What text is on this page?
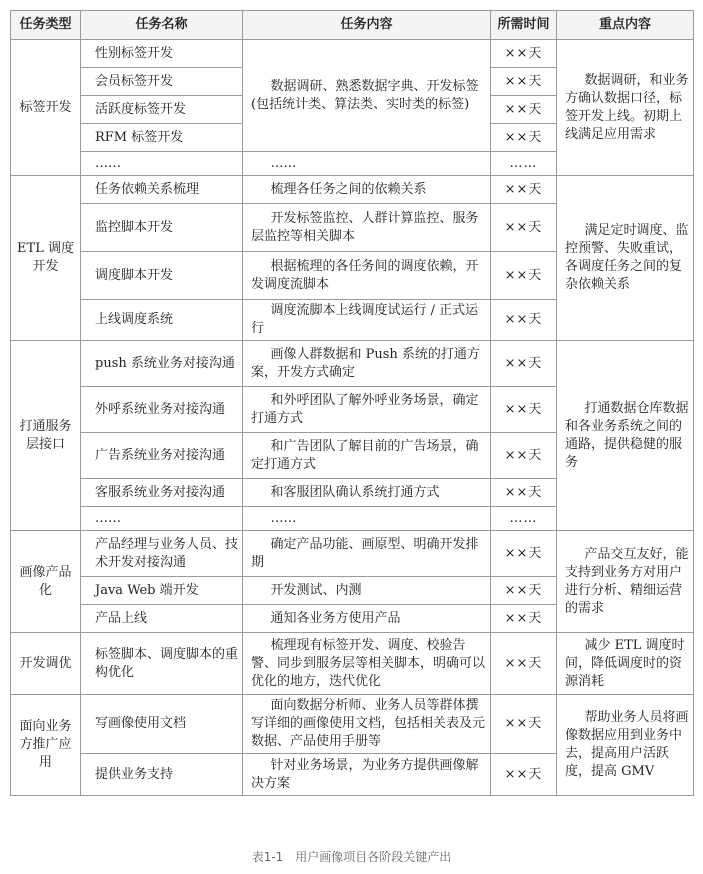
任务类型	任务名称	任务内容	所需时间	重点内容
标签开发	性别标签开发	数据调研、熟悉数据字典、开发标签(包括统计类、算法类、实时类的标签)	××天	数据调研，和业务方确认数据口径，标签开发上线。初期上线满足应用需求

	会员标签开发		××天	
	活跃度标签开发		××天	
	RFM 标签开发		××天	
	……	……	……	
ETL 调度开发	任务依赖关系梳理	梳理各任务之间的依赖关系	××天	满足定时调度、监控预警、失败重试，各调度任务之间的复杂依赖关系

	监控脚本开发	开发标签监控、人群计算监控、服务层监控等相关脚本	××天	
	调度脚本开发	根据梳理的各任务间的调度依赖，开发调度流脚本	××天	
	上线调度系统	调度流脚本上线调度试运行 / 正式运行	××天	
打通服务层接口	push 系统业务对接沟通	画像人群数据和 Push 系统的打通方案，开发方式确定	××天	打通数据仓库数据和各业务系统之间的通路，提供稳健的服务

	外呼系统业务对接沟通	和外呼团队了解外呼业务场景，确定打通方式	××天	
	广告系统业务对接沟通	和广告团队了解目前的广告场景，确定打通方式	××天	
	客服系统业务对接沟通	和客服团队确认系统打通方式	××天	
	……	……	……	
画像产品化	产品经理与业务人员、技术开发对接沟通	确定产品功能、画原型、明确开发排期	××天	产品交互友好，能支持到业务方对用户进行分析、精细运营的需求

	Java Web 端开发	开发测试、内测	××天	
	产品上线	通知各业务方使用产品	××天	
开发调优	标签脚本、调度脚本的重构优化	梳理现有标签开发、调度、校验告警、同步到服务层等相关脚本，明确可以优化的地方，迭代优化	××天	减少 ETL 调度时间，降低调度时的资源消耗

面向业务方推广应用	写画像使用文档	面向数据分析师、业务人员等群体撰写详细的画像使用文档，包括相关表及元数据、产品使用手册等	××天	帮助业务人员将画像数据应用到业务中去，提高用户活跃度，提高 GMV

	提供业务支持	针对业务场景，为业务方提供画像解决方案	××天	
表1-1　用户画像项目各阶段关键产出
